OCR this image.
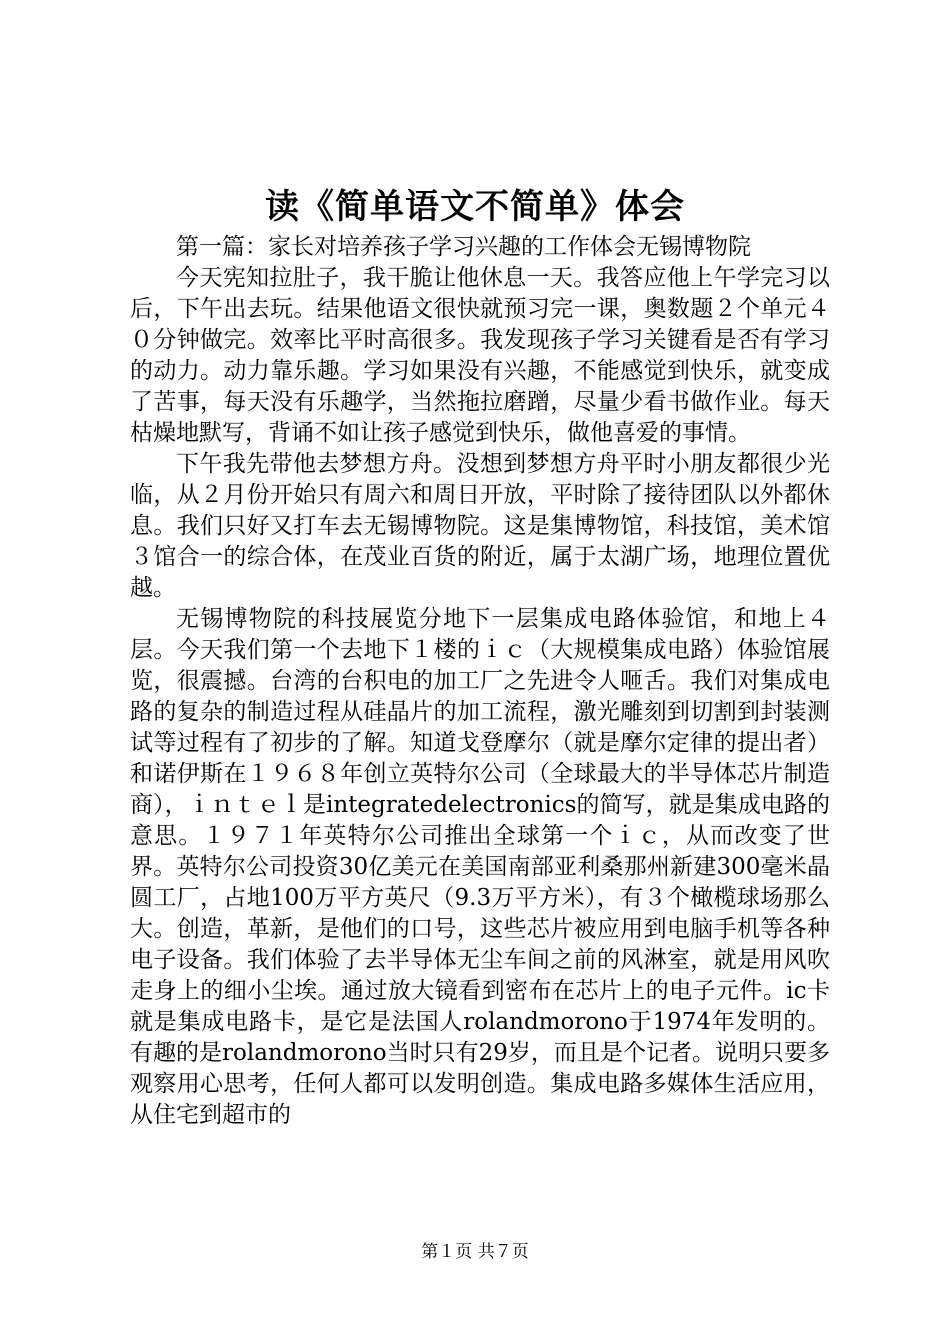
读《简单语文不简单》体会

第一篇：家长对培养孩子学习兴趣的工作体会无锡博物院

今天宪知拉肚子，我干脆让他休息一天。我答应他上午学完习以后，下午出去玩。结果他语文很快就预习完一课，奥数题２个单元４０分钟做完。效率比平时高很多。我发现孩子学习关键看是否有学习的动力。动力靠乐趣。学习如果没有兴趣，不能感觉到快乐，就变成了苦事，每天没有乐趣学，当然拖拉磨蹭，尽量少看书做作业。每天枯燥地默写，背诵不如让孩子感觉到快乐，做他喜爱的事情。

下午我先带他去梦想方舟。没想到梦想方舟平时小朋友都很少光临，从２月份开始只有周六和周日开放，平时除了接待团队以外都休息。我们只好又打车去无锡博物院。这是集博物馆，科技馆，美术馆３馆合一的综合体，在茂业百货的附近，属于太湖广场，地理位置优越。

无锡博物院的科技展览分地下一层集成电路体验馆，和地上４层。今天我们第一个去地下１楼的ｉｃ（大规模集成电路）体验馆展览，很震撼。台湾的台积电的加工厂之先进令人咂舌。我们对集成电路的复杂的制造过程从硅晶片的加工流程，激光雕刻到切割到封装测试等过程有了初步的了解。知道戈登摩尔（就是摩尔定律的提出者）和诺伊斯在１９６８年创立英特尔公司（全球最大的半导体芯片制造商），ｉｎｔｅｌ是integratedelectronics的简写，就是集成电路的意思。１９７１年英特尔公司推出全球第一个ｉｃ，从而改变了世界。英特尔公司投资30亿美元在美国南部亚利桑那州新建300毫米晶圆工厂，占地100万平方英尺（9.3万平方米），有３个橄榄球场那么大。创造，革新，是他们的口号，这些芯片被应用到电脑手机等各种电子设备。我们体验了去半导体无尘车间之前的风淋室，就是用风吹走身上的细小尘埃。通过放大镜看到密布在芯片上的电子元件。ic卡就是集成电路卡，是它是法国人rolandmorono于1974年发明的。有趣的是rolandmorono当时只有29岁，而且是个记者。说明只要多观察用心思考，任何人都可以发明创造。集成电路多媒体生活应用，从住宅到超市的

第１页 共７页
